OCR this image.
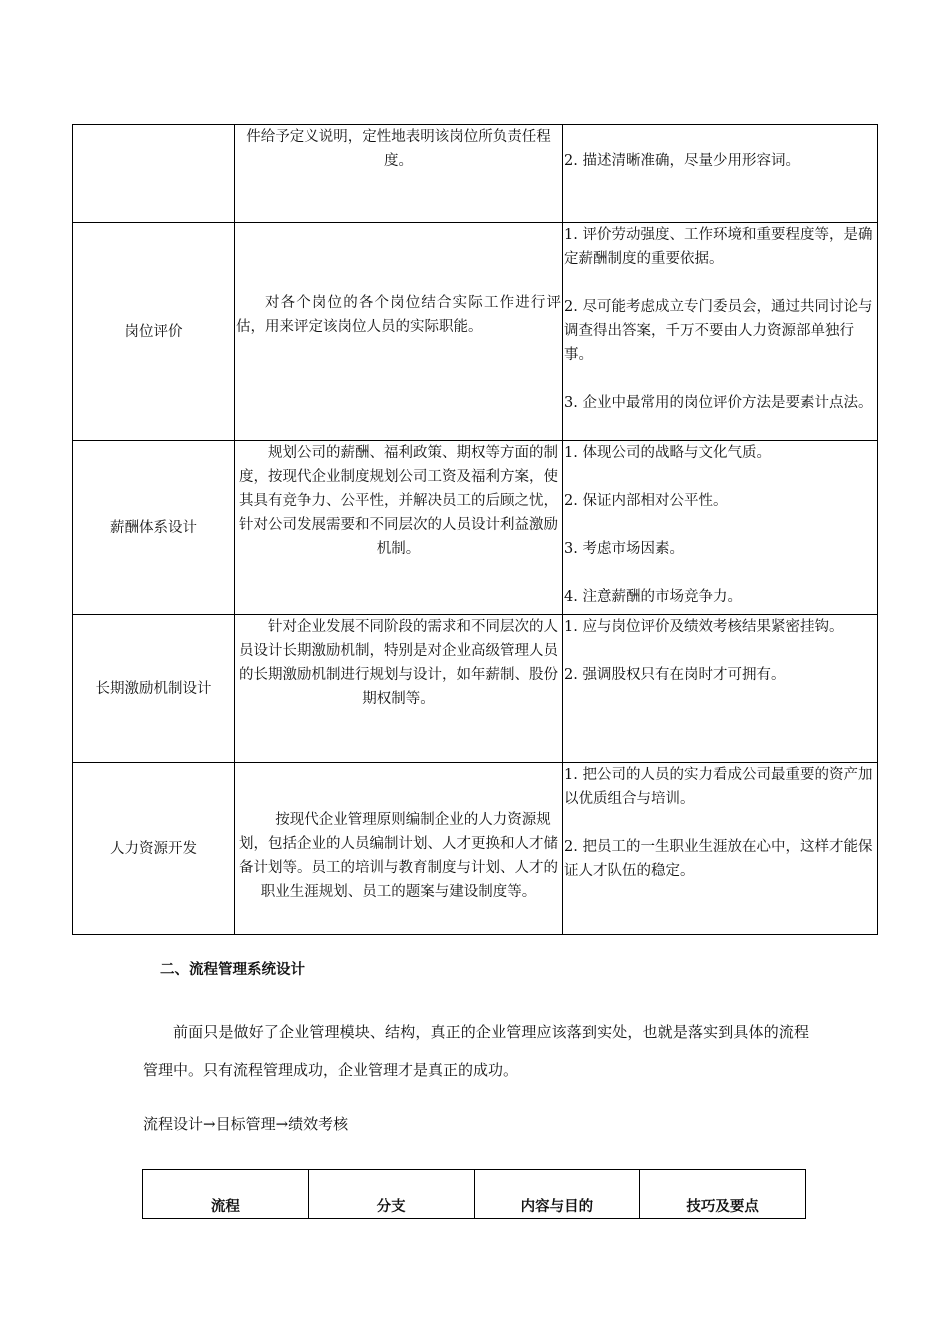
	件给予定义说明，定性地表明该岗位所负责任程度。	2. 描述清晰准确，尽量少用形容词。

岗位评价	对各个岗位的各个岗位结合实际工作进行评估，用来评定该岗位人员的实际职能。	1. 评价劳动强度、工作环境和重要程度等，是确定薪酬制度的重要依据。
2. 尽可能考虑成立专门委员会，通过共同讨论与调查得出答案，千万不要由人力资源部单独行事。
3. 企业中最常用的岗位评价方法是要素计点法。

薪酬体系设计	规划公司的薪酬、福利政策、期权等方面的制度，按现代企业制度规划公司工资及福利方案，使其具有竞争力、公平性，并解决员工的后顾之忧，针对公司发展需要和不同层次的人员设计利益激励机制。	1. 体现公司的战略与文化气质。
2. 保证内部相对公平性。
3. 考虑市场因素。
4. 注意薪酬的市场竞争力。

长期激励机制设计	针对企业发展不同阶段的需求和不同层次的人员设计长期激励机制，特别是对企业高级管理人员的长期激励机制进行规划与设计，如年薪制、股份期权制等。	1. 应与岗位评价及绩效考核结果紧密挂钩。
2. 强调股权只有在岗时才可拥有。

人力资源开发	按现代企业管理原则编制企业的人力资源规划，包括企业的人员编制计划、人才更换和人才储备计划等。员工的培训与教育制度与计划、人才的职业生涯规划、员工的题案与建设制度等。	1. 把公司的人员的实力看成公司最重要的资产加以优质组合与培训。
2. 把员工的一生职业生涯放在心中，这样才能保证人才队伍的稳定。
二、流程管理系统设计
前面只是做好了企业管理模块、结构，真正的企业管理应该落到实处，也就是落实到具体的流程管理中。只有流程管理成功，企业管理才是真正的成功。
流程设计→目标管理→绩效考核
流程	分支	内容与目的	技巧及要点
